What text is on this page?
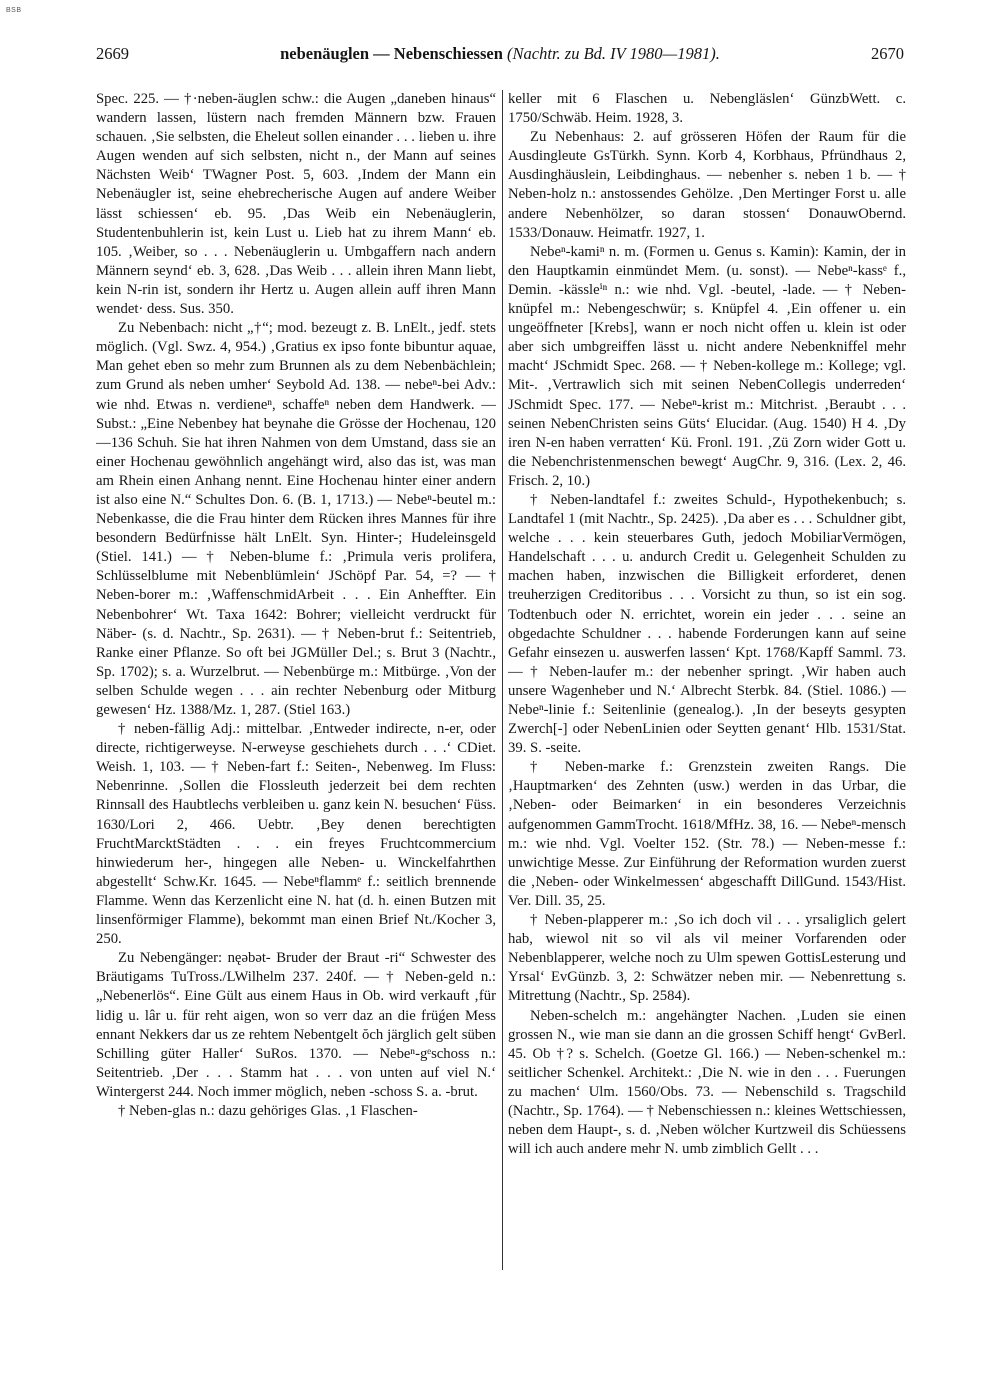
BSB
2669	nebenäuglen — Nebenschiessen (Nachtr. zu Bd. IV 1980—1981).	2670

Spec. 225. — †·neben-äuglen schw.: die Augen „daneben hinaus“ wandern lassen, lüstern nach fremden Männern bzw. Frauen schauen. ‚Sie selbsten, die Eheleut sollen einander . . . lieben u. ihre Augen wenden auf sich selbsten, nicht n., der Mann auf seines Nächsten Weib‘ TWagner Post. 5, 603. ‚Indem der Mann ein Nebenäugler ist, seine ehebrecherische Augen auf andere Weiber lässt schiessen‘ eb. 95. ‚Das Weib ein Nebenäuglerin, Studentenbuhlerin ist, kein Lust u. Lieb hat zu ihrem Mann‘ eb. 105. ‚Weiber, so . . . Nebenäuglerin u. Umbgaffern nach andern Männern seynd‘ eb. 3, 628. ‚Das Weib . . . allein ihren Mann liebt, kein N-rin ist, sondern ihr Hertz u. Augen allein auff ihren Mann wendet· dess. Sus. 350.

Zu Nebenbach: nicht „†“; mod. bezeugt z. B. LnElt., jedf. stets möglich. (Vgl. Swz. 4, 954.) ‚Gratius ex ipso fonte bibuntur aquae, Man gehet eben so mehr zum Brunnen als zu dem Nebenbächlein; zum Grund als neben umher‘ Seybold Ad. 138. — nebeⁿ-bei Adv.: wie nhd. Etwas n. verdieneⁿ, schaffeⁿ neben dem Handwerk. — Subst.: „Eine Nebenbey hat beynahe die Grösse der Hochenau, 120—136 Schuh. Sie hat ihren Nahmen von dem Umstand, dass sie an einer Hochenau gewöhnlich angehängt wird, also das ist, was man am Rhein einen Anhang nennt. Eine Hochenau hinter einer andern ist also eine N.“ Schultes Don. 6. (B. 1, 1713.) — Nebeⁿ-beutel m.: Nebenkasse, die die Frau hinter dem Rücken ihres Mannes für ihre besondern Bedürfnisse hält LnElt. Syn. Hinter-; Hudeleinsgeld (Stiel. 141.) — † Neben-blume f.: ‚Primula veris prolifera, Schlüsselblume mit Nebenblümlein‘ JSchöpf Par. 54, =? — † Neben-borer m.: ‚WaffenschmidArbeit . . . Ein Anhеffter. Ein Nebenbohrer‘ Wt. Taxa 1642: Bohrer; vielleicht verdruckt für Näber- (s. d. Nachtr., Sp. 2631). — † Neben-brut f.: Seitentrieb, Ranke einer Pflanze. So oft bei JGMüller Del.; s. Brut 3 (Nachtr., Sp. 1702); s. a. Wurzelbrut. — Nebenbürge m.: Mitbürge. ‚Von der selben Schulde wegen . . . ain rechter Nebenburg oder Mitburg gewesen‘ Hz. 1388/Mz. 1, 287. (Stiel 163.)

† neben-fällig Adj.: mittelbar. ‚Entweder indirecte, n-er, oder directe, richtigerweyse. N-erweyse geschiehets durch . . .‘ CDiet. Weish. 1, 103. — † Neben-fart f.: Seiten-, Nebenweg. Im Fluss: Nebenrinne. ‚Sollen die Flossleuth jederzeit bei dem rechten Rinnsall des Haubtlechs verbleiben u. ganz kein N. besuchen‘ Füss. 1630/Lori 2, 466. Uebtr. ‚Bey denen berechtigten FruchtMarcktStädten . . . ein freyes Fruchtcommercium hinwiederum her-, hingegen alle Neben- u. Winckelfahrthen abgestellt‘ Schw.Kr. 1645. — Nebeⁿflammᵉ f.: seitlich brennende Flamme. Wenn das Kerzenlicht eine N. hat (d. h. einen Butzen mit linsenförmiger Flamme), bekommt man einen Brief Nt./Kocher 3, 250.

Zu Nebengänger: nęəbət- Bruder der Braut -ri“ Schwester des Bräutigams TuTross./LWilhelm 237. 240f. — † Neben-geld n.: „Nebenerlös“. Eine Gült aus einem Haus in Ob. wird verkauft ‚für lidig u. lâr u. für reht aigen, won so verr daz an die früǵen Mess ennant Nekkers dar us ze rehtem Nebentgelt ŏch järglich gelt süben Schilling güter Haller‘ SuRos. 1370. — Nebeⁿ-gᵉschoss n.: Seitentrieb. ‚Der . . . Stamm hat . . . von unten auf viel N.‘ Wintergerst 244. Noch immer möglich, neben -schoss S. a. -brut.

† Neben-glas n.: dazu gehöriges Glas. ‚1 Flaschen-

keller mit 6 Flaschen u. Nebengläslen‘ GünzbWett. c. 1750/Schwäb. Heim. 1928, 3.

Zu Nebenhaus: 2. auf grösseren Höfen der Raum für die Ausdingleute GsTürkh. Synn. Korb 4, Korbhaus, Pfründhaus 2, Ausdinghäuslein, Leibdinghaus. — nebenher s. neben 1 b. — † Neben-holz n.: anstossendes Gehölze. ‚Den Mertinger Forst u. alle andere Nebenhölzer, so daran stossen‘ DonauwObernd. 1533/Donauw. Heimatfr. 1927, 1.

Nebeⁿ-kamiⁿ n. m. (Formen u. Genus s. Kamin): Kamin, der in den Hauptkamin einmündet Mem. (u. sonst). — Nebeⁿ-kassᵉ f., Demin. -kässleⁱⁿ n.: wie nhd. Vgl. -beutel, -lade. — † Neben-knüpfel m.: Nebengeschwür; s. Knüpfel 4. ‚Ein offener u. ein ungeöffneter [Krebs], wann er noch nicht offen u. klein ist oder aber sich umbgreiffen lässt u. nicht andere Nebenkniffel mehr macht‘ JSchmidt Spec. 268. — † Neben-kollege m.: Kollege; vgl. Mit-. ‚Vertrawlich sich mit seinen NebenCollegis underreden‘ JSchmidt Spec. 177. — Nebeⁿ-krist m.: Mitchrist. ‚Beraubt . . . seinen NebenChristen seins Güts‘ Elucidar. (Aug. 1540) H 4. ‚Dy iren N-en haben verratten‘ Kü. Fronl. 191. ‚Zü Zorn wider Gott u. die Nebenchristenmenschen bewegt‘ AugChr. 9, 316. (Lex. 2, 46. Frisch. 2, 10.)

† Neben-landtafel f.: zweites Schuld-, Hypothekenbuch; s. Landtafel 1 (mit Nachtr., Sp. 2425). ‚Da aber es . . . Schuldner gibt, welche . . . kein steuerbares Guth, jedoch MobiliarVermögen, Handelschaft . . . u. andurch Credit u. Gelegenheit Schulden zu machen haben, inzwischen die Billigkeit erforderet, denen treuherzigen Creditoribus . . . Vorsicht zu thun, so ist ein sog. Todtenbuch oder N. errichtet, worein ein jeder . . . seine an obgedachte Schuldner . . . habende Forderungen kann auf seine Gefahr einsezen u. auswerfen lassen‘ Kpt. 1768/Kapff Samml. 73. — † Neben-laufer m.: der nebenher springt. ‚Wir haben auch unsere Wagenheber und N.‘ Albrecht Sterbk. 84. (Stiel. 1086.) — Nebeⁿ-linie f.: Seitenlinie (genealog.). ‚In der beseyts gesypten Zwerch[-] oder NebenLinien oder Seytten genant‘ Hlb. 1531/Stat. 39. S. -seite.

† Neben-marke f.: Grenzstein zweiten Rangs. Die ‚Hauptmarken‘ des Zehnten (usw.) werden in das Urbar, die ‚Neben- oder Beimarken‘ in ein besonderes Verzeichnis aufgenommen GammTrocht. 1618/MfHz. 38, 16. — Nebeⁿ-mensch m.: wie nhd. Vgl. Voelter 152. (Str. 78.) — Neben-messe f.: unwichtige Messe. Zur Einführung der Reformation wurden zuerst die ‚Neben- oder Winkelmessen‘ abgeschafft DillGund. 1543/Hist. Ver. Dill. 35, 25.

† Neben-plapperer m.: ‚So ich doch vil . . . yrsaliglich gelert hab, wiewol nit so vil als vil meiner Vorfarenden oder Nebenblapperer, welche noch zu Ulm spewen GottisLesterung und Yrsal‘ EvGünzb. 3, 2: Schwätzer neben mir. — Nebenrettung s. Mitrettung (Nachtr., Sp. 2584).

Neben-schelch m.: angehängter Nachen. ‚Luden sie einen grossen N., wie man sie dann an die grossen Schiff hengt‘ GvBerl. 45. Ob †? s. Schelch. (Goetze Gl. 166.) — Neben-schenkel m.: seitlicher Schenkel. Architekt.: ‚Die N. wie in den . . . Fuerungen zu machen‘ Ulm. 1560/Obs. 73. — Nebenschild s. Tragschild (Nachtr., Sp. 1764). — † Nebenschiessen n.: kleines Wettschiessen, neben dem Haupt-, s. d. ‚Neben wölcher Kurtzweil dis Schüessens will ich auch andere mehr N. umb zimblich Gellt . . .
